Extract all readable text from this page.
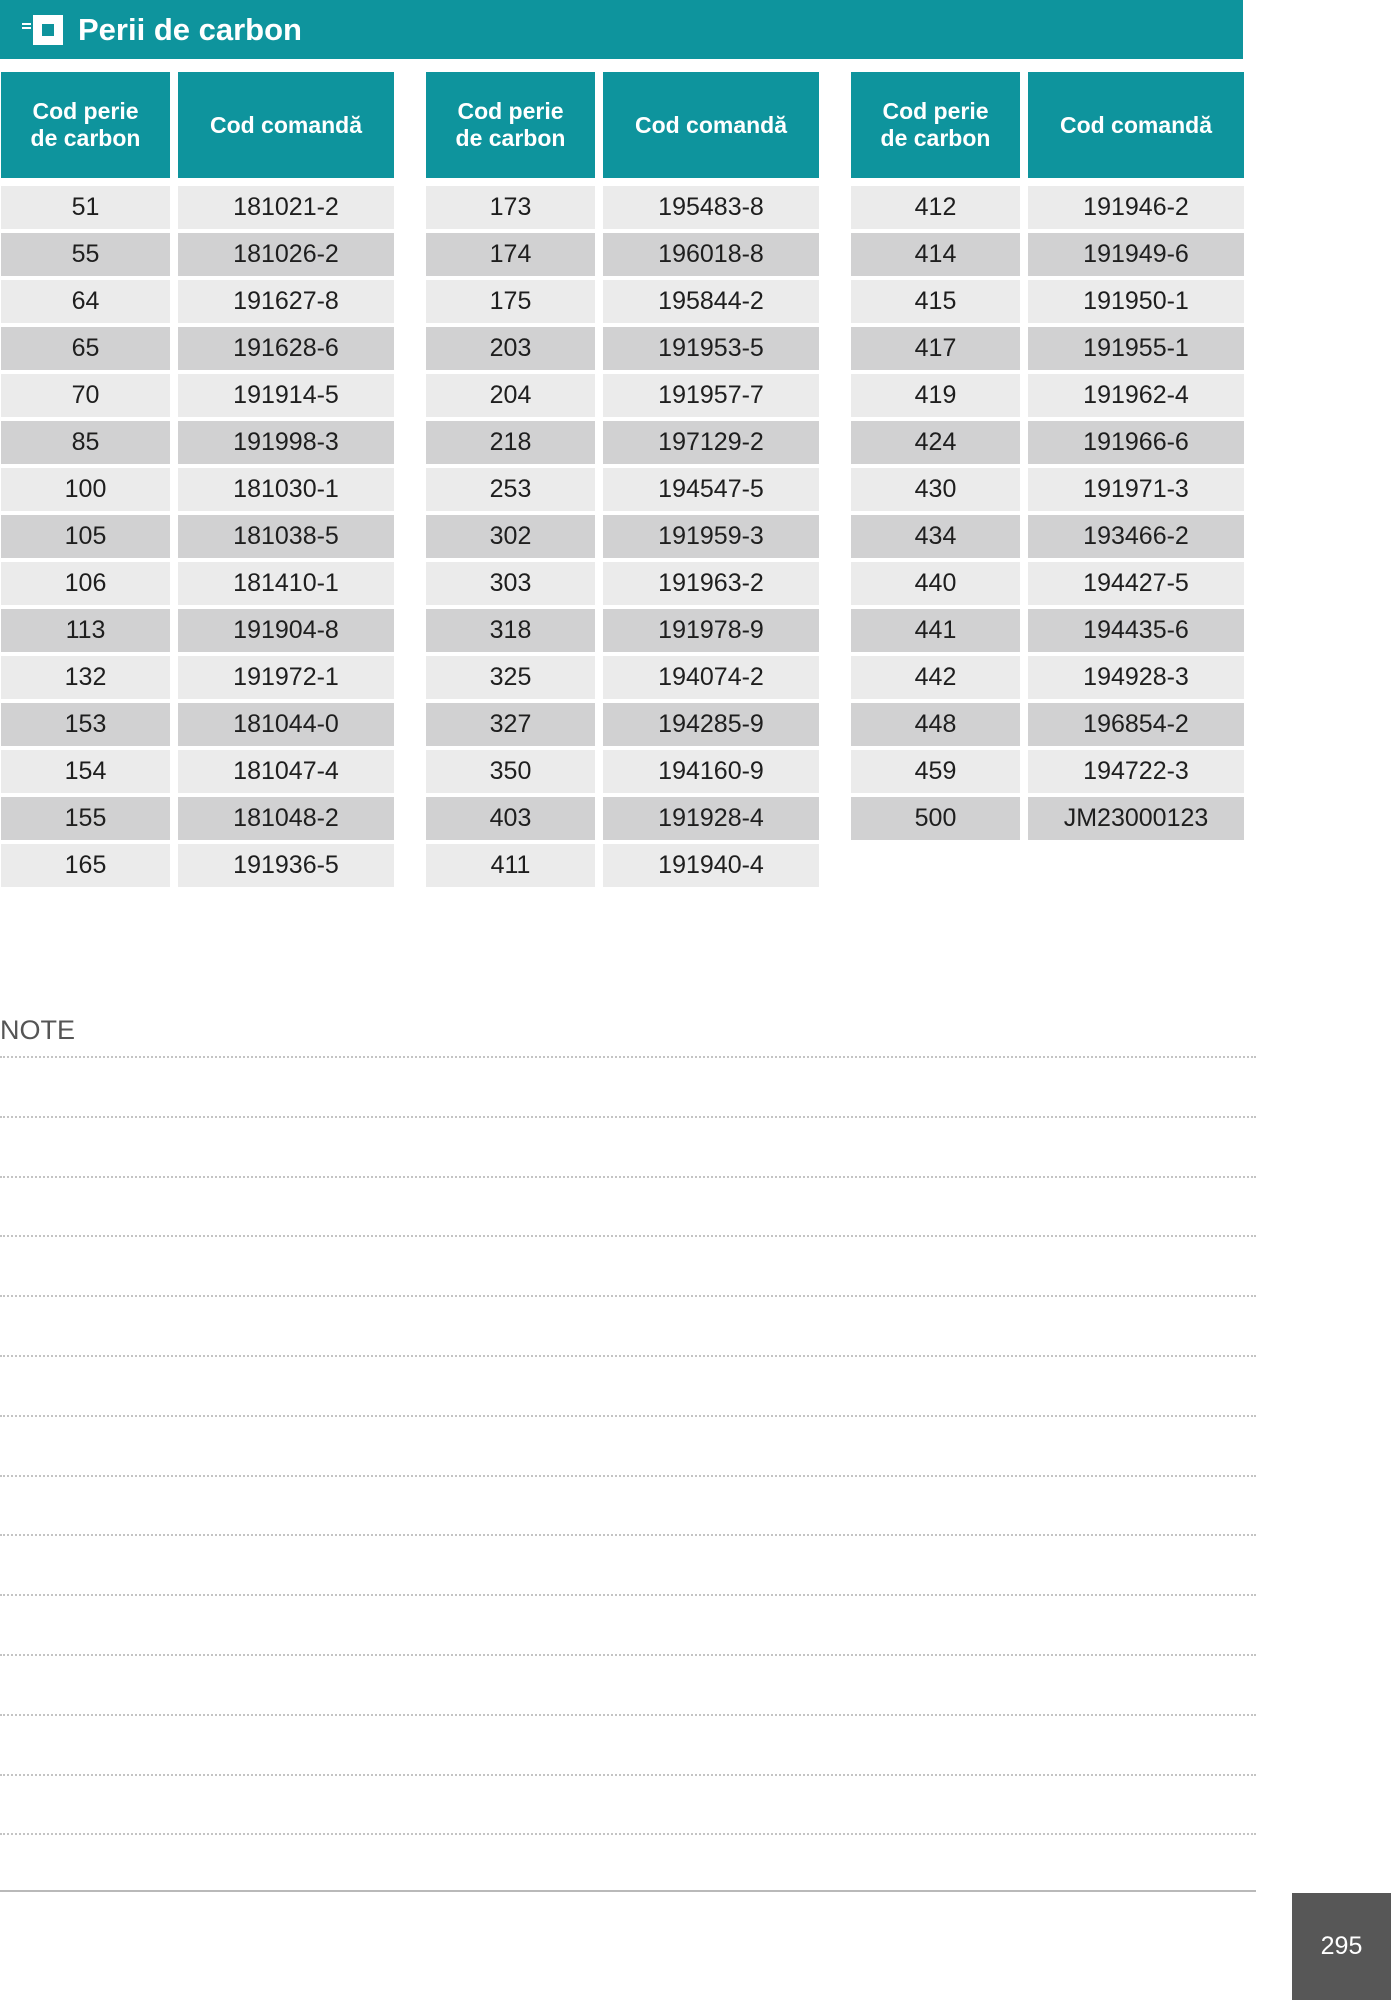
Perii de carbon
Cod perie
de carbon
Cod comandă
51	181021-2
55	181026-2
64	191627-8
65	191628-6
70	191914-5
85	191998-3
100	181030-1
105	181038-5
106	181410-1
113	191904-8
132	191972-1
153	181044-0
154	181047-4
155	181048-2
165	191936-5
Cod perie
de carbon
Cod comandă
173	195483-8
174	196018-8
175	195844-2
203	191953-5
204	191957-7
218	197129-2
253	194547-5
302	191959-3
303	191963-2
318	191978-9
325	194074-2
327	194285-9
350	194160-9
403	191928-4
411	191940-4
Cod perie
de carbon
Cod comandă
412	191946-2
414	191949-6
415	191950-1
417	191955-1
419	191962-4
424	191966-6
430	191971-3
434	193466-2
440	194427-5
441	194435-6
442	194928-3
448	196854-2
459	194722-3
500	JM23000123
NOTE
295
